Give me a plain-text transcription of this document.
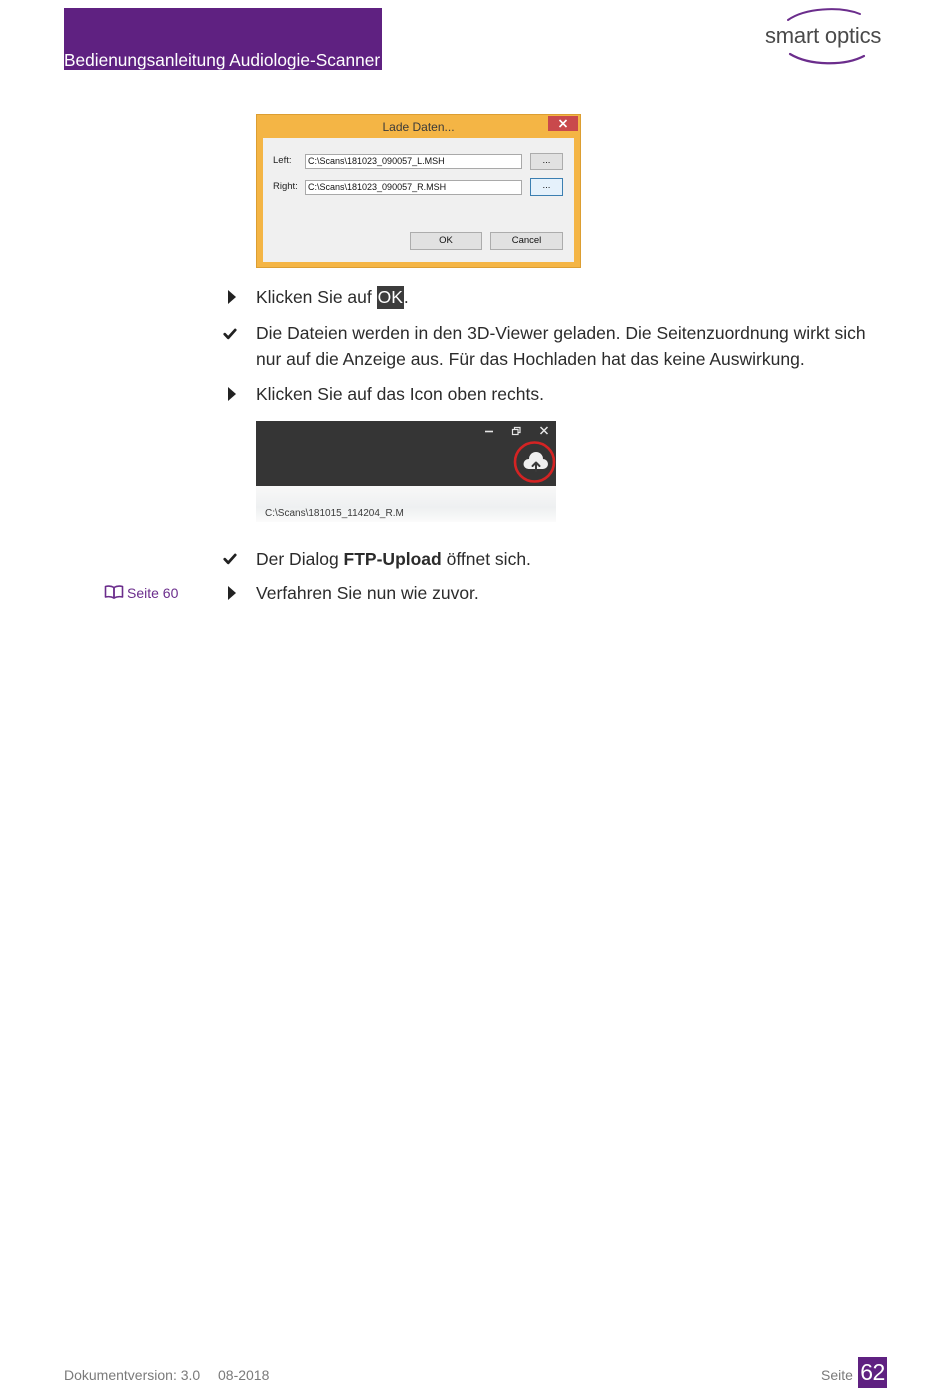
Bedienungsanleitung Audiologie-Scanner
smart optics
Lade Daten...
Left:	C:\Scans\181023_090057_L.MSH	...
Right:	C:\Scans\181023_090057_R.MSH	...
OK	Cancel
Klicken Sie auf OK.
Die Dateien werden in den 3D-Viewer geladen. Die Seitenzuordnung wirkt sich
nur auf die Anzeige aus. Für das Hochladen hat das keine Auswirkung.
Klicken Sie auf das Icon oben rechts.
C:\Scans\181015_114204_R.M
Der Dialog FTP-Upload öffnet sich.
Seite 60	Verfahren Sie nun wie zuvor.
Dokumentversion: 3.0 08-2018	Seite 62
